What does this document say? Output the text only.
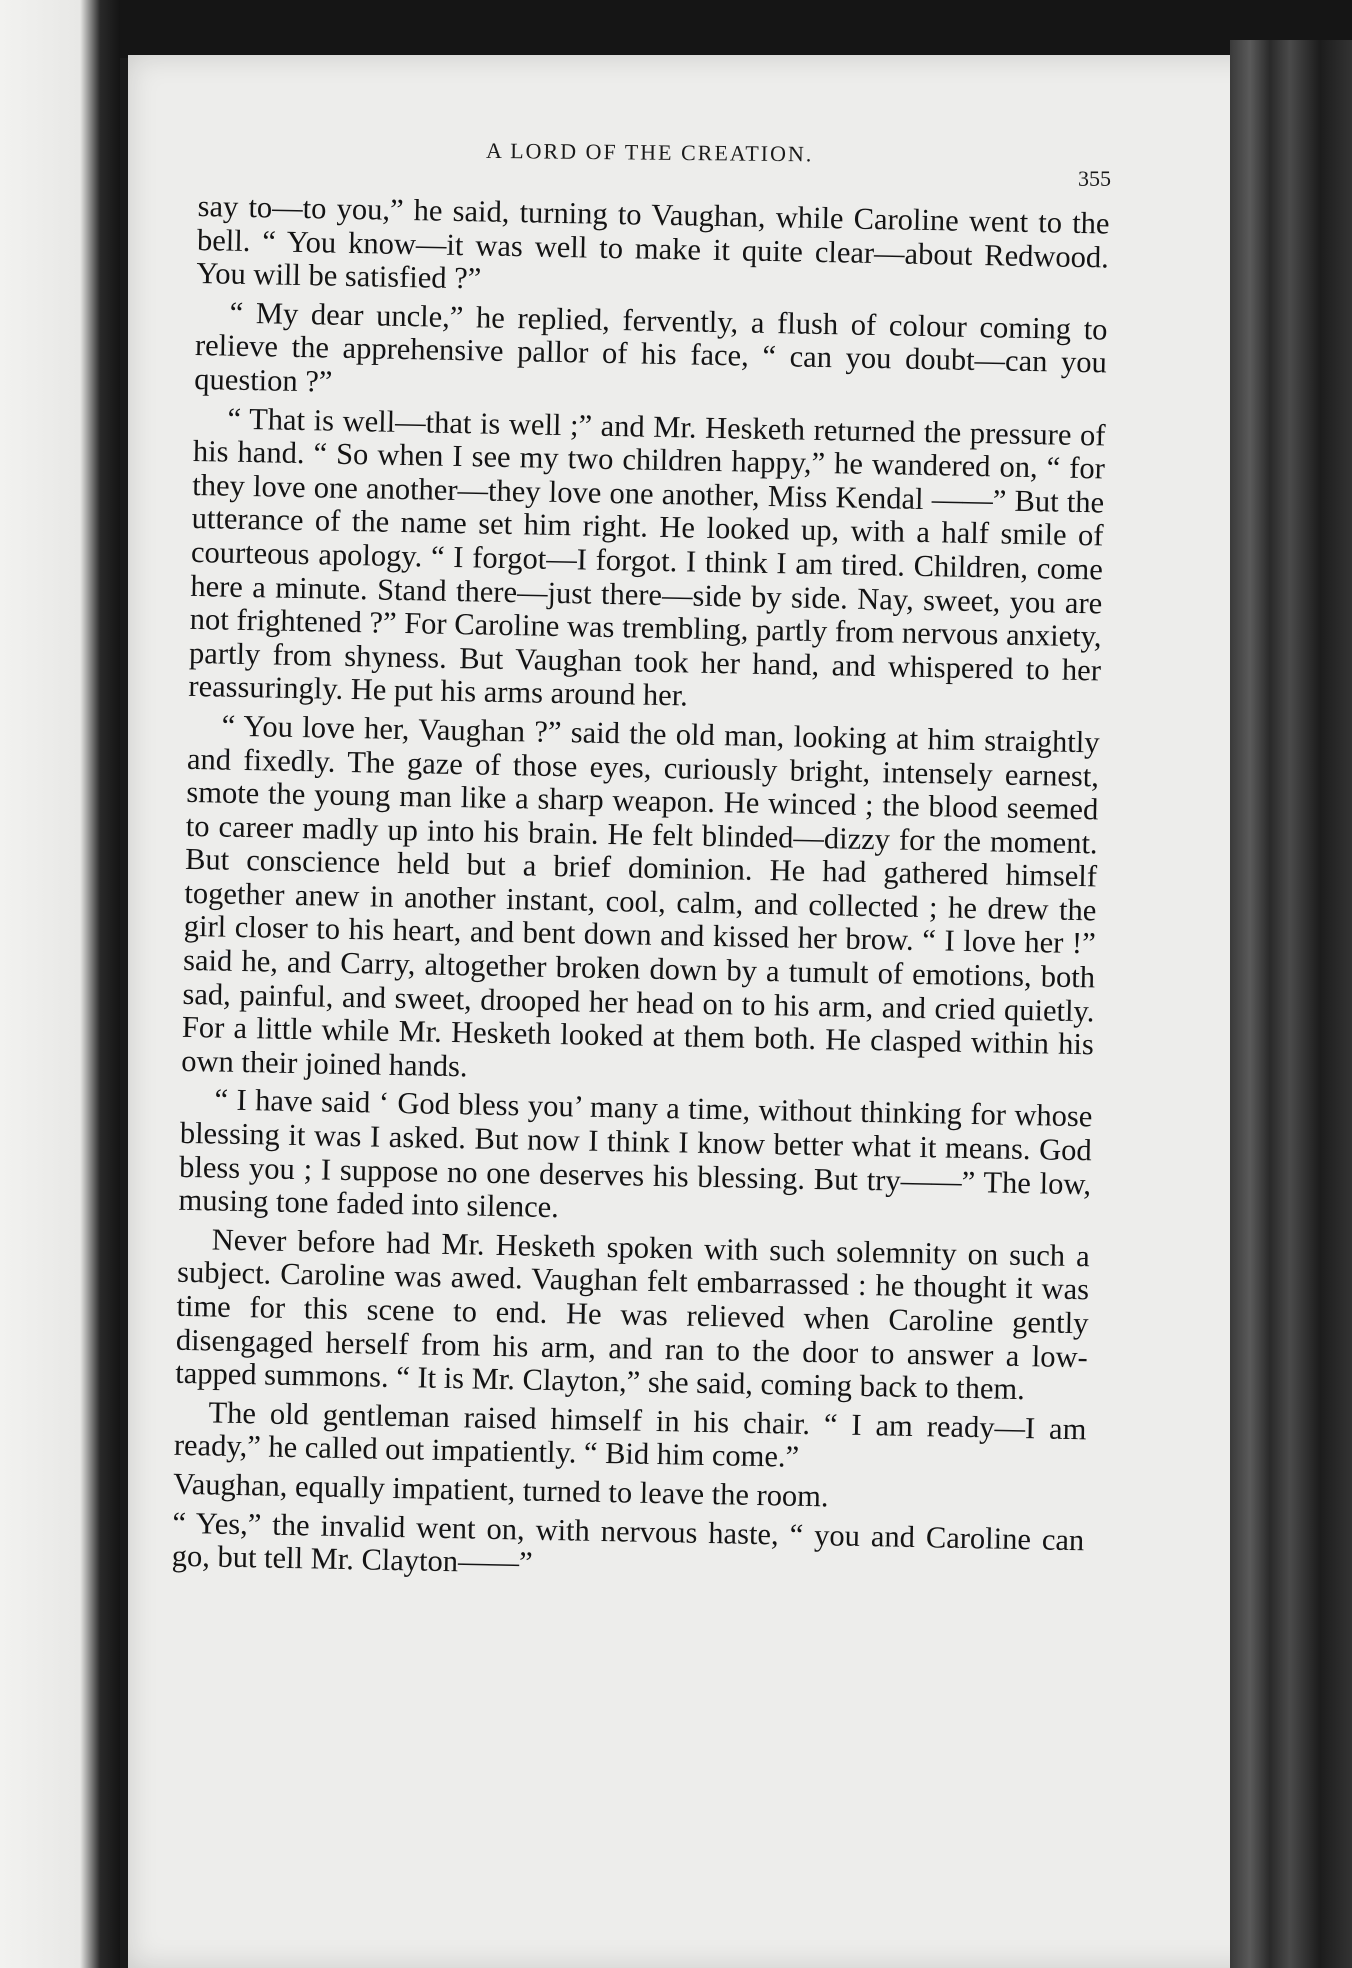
A LORD OF THE CREATION.
355

say to—to you,” he said, turning to Vaughan, while Caroline went to the bell. “ You know—it was well to make it quite clear—about Redwood. You will be satisfied ?”

“ My dear uncle,” he replied, fervently, a flush of colour coming to relieve the apprehensive pallor of his face, “ can you doubt—can you question ?”

“ That is well—that is well ;” and Mr. Hesketh returned the pressure of his hand. “ So when I see my two children happy,” he wandered on, “ for they love one another—they love one another, Miss Kendal ——” But the utterance of the name set him right. He looked up, with a half smile of courteous apology. “ I forgot—I forgot. I think I am tired. Children, come here a minute. Stand there—just there—side by side. Nay, sweet, you are not frightened ?” For Caroline was trembling, partly from nervous anxiety, partly from shyness. But Vaughan took her hand, and whispered to her reassuringly. He put his arms around her.

“ You love her, Vaughan ?” said the old man, looking at him straightly and fixedly. The gaze of those eyes, curiously bright, intensely earnest, smote the young man like a sharp weapon. He winced ; the blood seemed to career madly up into his brain. He felt blinded—dizzy for the moment. But conscience held but a brief dominion. He had gathered himself together anew in another instant, cool, calm, and collected ; he drew the girl closer to his heart, and bent down and kissed her brow. “ I love her !” said he, and Carry, altogether broken down by a tumult of emotions, both sad, painful, and sweet, drooped her head on to his arm, and cried quietly. For a little while Mr. Hesketh looked at them both. He clasped within his own their joined hands.

“ I have said ‘ God bless you’ many a time, without thinking for whose blessing it was I asked. But now I think I know better what it means. God bless you ; I suppose no one deserves his blessing. But try——” The low, musing tone faded into silence.

Never before had Mr. Hesketh spoken with such solemnity on such a subject. Caroline was awed. Vaughan felt embarrassed : he thought it was time for this scene to end. He was relieved when Caroline gently disengaged herself from his arm, and ran to the door to answer a low-tapped summons. “ It is Mr. Clayton,” she said, coming back to them.

The old gentleman raised himself in his chair. “ I am ready—I am ready,” he called out impatiently. “ Bid him come.”

Vaughan, equally impatient, turned to leave the room.

“ Yes,” the invalid went on, with nervous haste, “ you and Caroline can go, but tell Mr. Clayton——”
